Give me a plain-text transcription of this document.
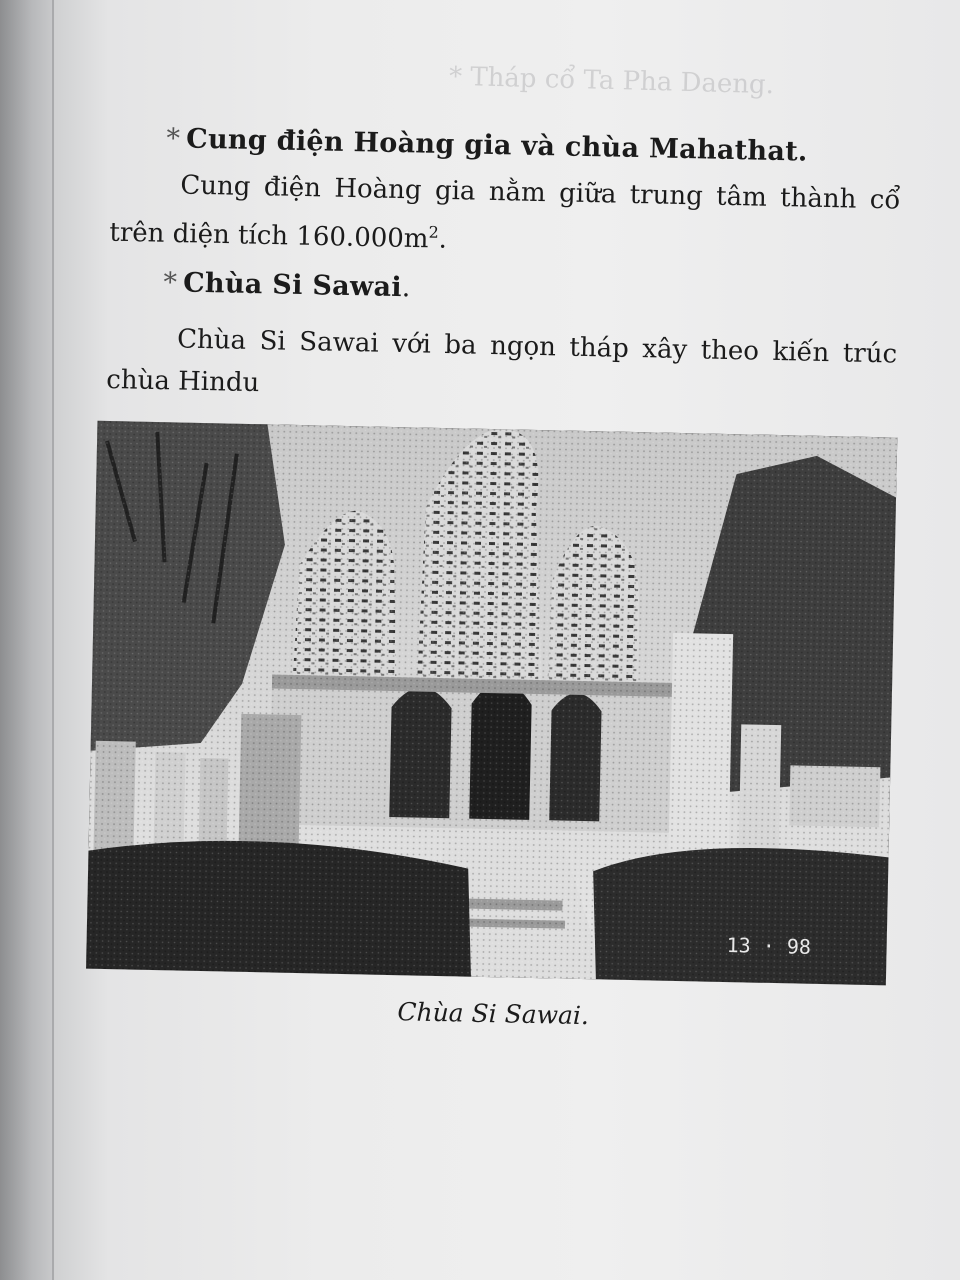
* Tháp cổ Ta Pha Daeng.
* Cung điện Hoàng gia và chùa Mahathat.

Cung điện Hoàng gia nằm giữa trung tâm thành cổ trên diện tích $160.000m^2$.

* Chùa Si Sawai.

Chùa Si Sawai với ba ngọn tháp xây theo kiến trúc chùa Hindu

13 · 98
Chùa Si Sawai.
